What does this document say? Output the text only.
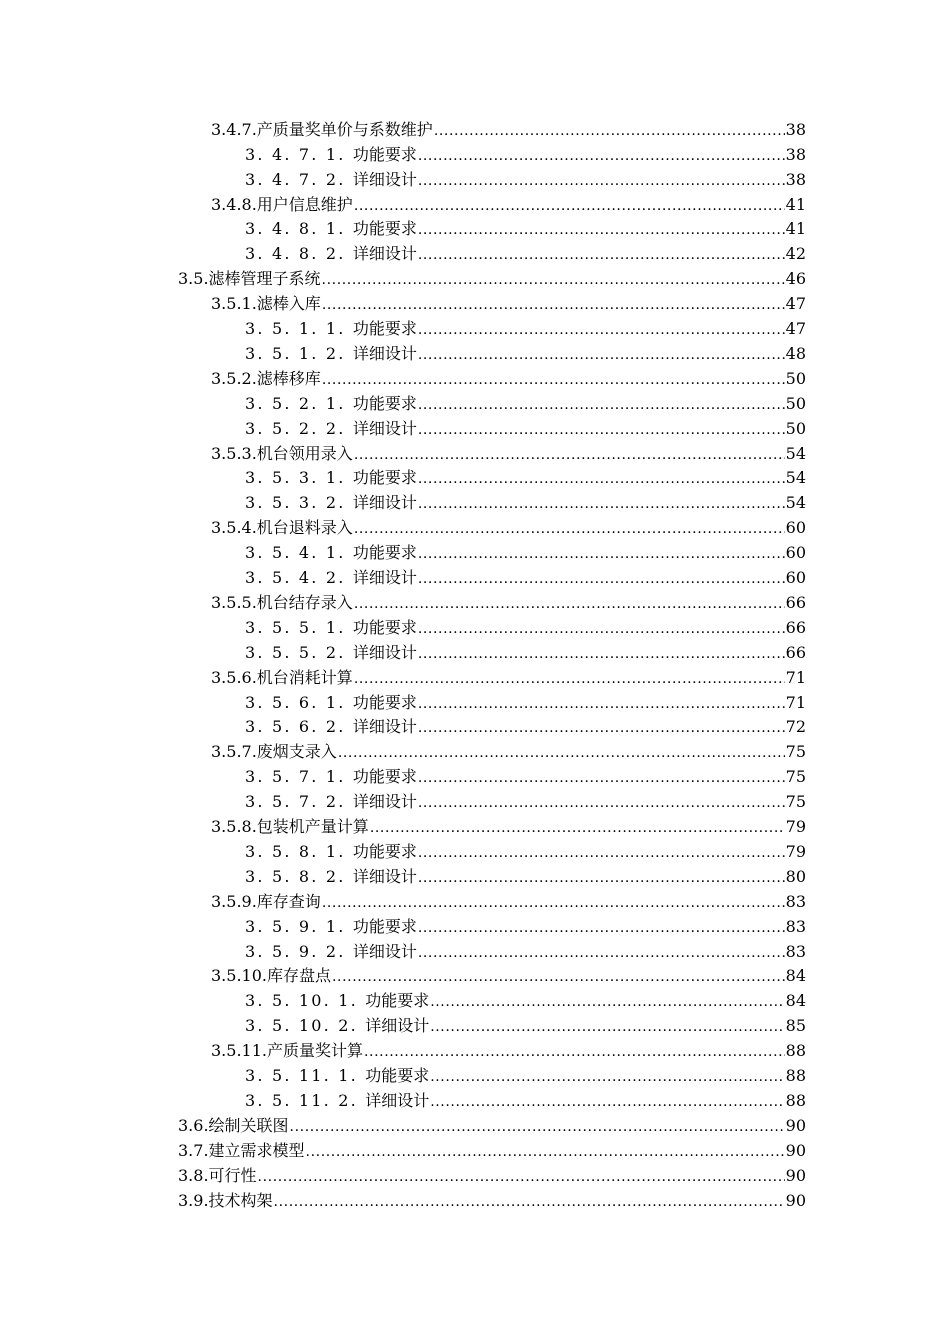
3.4.7.产质量奖单价与系数维护 .....	38
3. 4. 7. 1. 功能要求 .....	38
3. 4. 7. 2. 详细设计 .....	38
3.4.8.用户信息维护 .....	41
3. 4. 8. 1. 功能要求 .....	41
3. 4. 8. 2. 详细设计 .....	42
3.5.滤棒管理子系统 .....	46
3.5.1.滤棒入库 .....	47
3. 5. 1. 1. 功能要求 .....	47
3. 5. 1. 2. 详细设计 .....	48
3.5.2.滤棒移库 .....	50
3. 5. 2. 1. 功能要求 .....	50
3. 5. 2. 2. 详细设计 .....	50
3.5.3.机台领用录入 .....	54
3. 5. 3. 1. 功能要求 .....	54
3. 5. 3. 2. 详细设计 .....	54
3.5.4.机台退料录入 .....	60
3. 5. 4. 1. 功能要求 .....	60
3. 5. 4. 2. 详细设计 .....	60
3.5.5.机台结存录入 .....	66
3. 5. 5. 1. 功能要求 .....	66
3. 5. 5. 2. 详细设计 .....	66
3.5.6.机台消耗计算 .....	71
3. 5. 6. 1. 功能要求 .....	71
3. 5. 6. 2. 详细设计 .....	72
3.5.7.废烟支录入 .....	75
3. 5. 7. 1. 功能要求 .....	75
3. 5. 7. 2. 详细设计 .....	75
3.5.8.包装机产量计算 .....	79
3. 5. 8. 1. 功能要求 .....	79
3. 5. 8. 2. 详细设计 .....	80
3.5.9.库存查询 .....	83
3. 5. 9. 1. 功能要求 .....	83
3. 5. 9. 2. 详细设计 .....	83
3.5.10.库存盘点 .....	84
3. 5. 10. 1. 功能要求 .....	84
3. 5. 10. 2. 详细设计 .....	85
3.5.11.产质量奖计算 .....	88
3. 5. 11. 1. 功能要求 .....	88
3. 5. 11. 2. 详细设计 .....	88
3.6.绘制关联图 .....	90
3.7.建立需求模型 .....	90
3.8.可行性 .....	90
3.9.技术构架 .....	90
